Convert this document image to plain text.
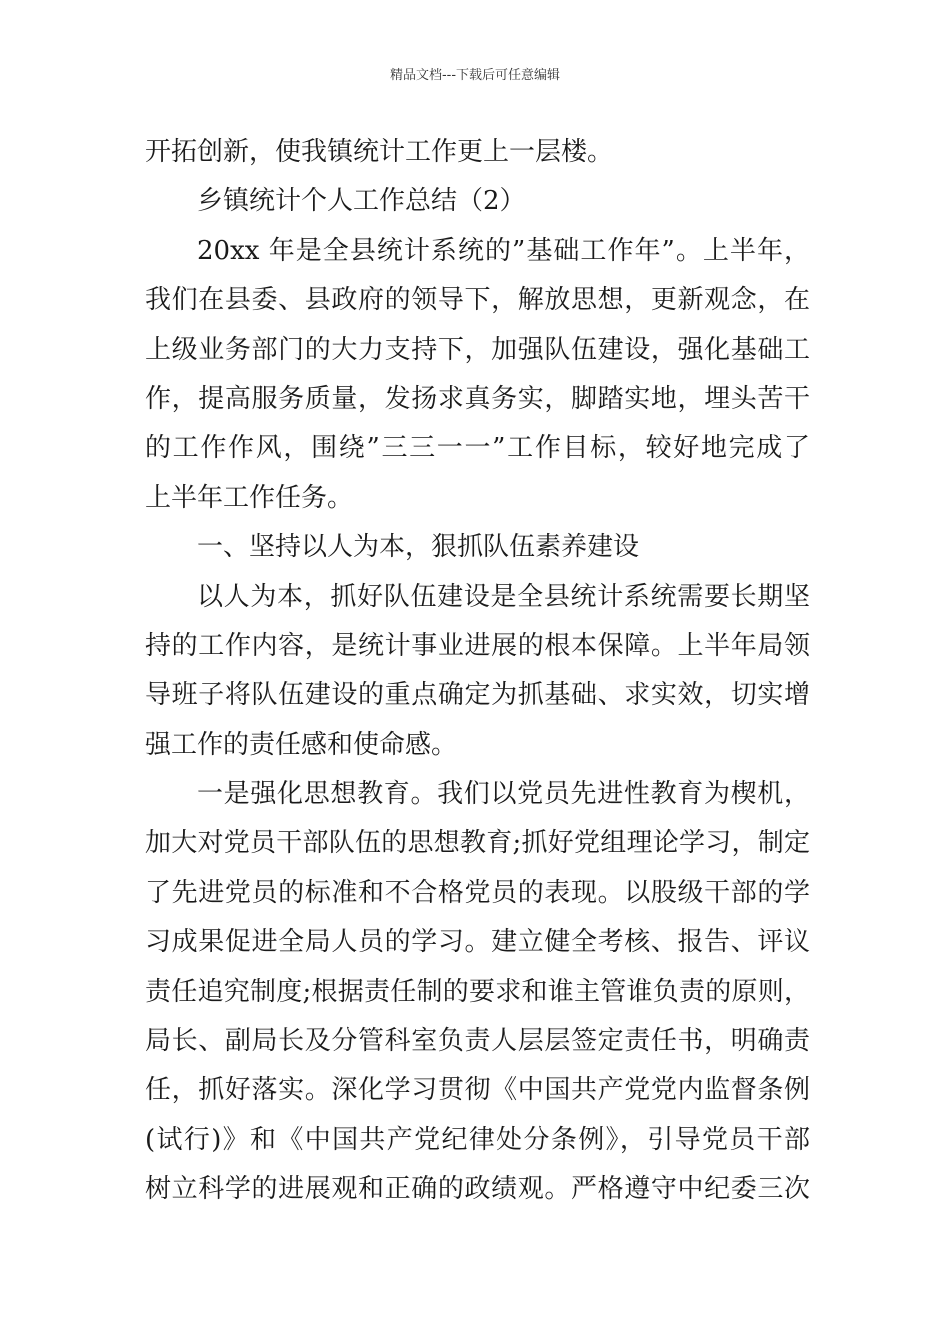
精品文档---下载后可任意编辑
开拓创新，使我镇统计工作更上一层楼。
乡镇统计个人工作总结（2）
20xx 年是全县统计系统的”基础工作年”。上半年，
我们在县委、县政府的领导下，解放思想，更新观念，在
上级业务部门的大力支持下，加强队伍建设，强化基础工
作，提高服务质量，发扬求真务实，脚踏实地，埋头苦干
的工作作风，围绕”三三一一”工作目标，较好地完成了
上半年工作任务。
一、坚持以人为本，狠抓队伍素养建设
以人为本，抓好队伍建设是全县统计系统需要长期坚
持的工作内容，是统计事业进展的根本保障。上半年局领
导班子将队伍建设的重点确定为抓基础、求实效，切实增
强工作的责任感和使命感。
一是强化思想教育。我们以党员先进性教育为楔机，
加大对党员干部队伍的思想教育;抓好党组理论学习，制定
了先进党员的标准和不合格党员的表现。以股级干部的学
习成果促进全局人员的学习。建立健全考核、报告、评议
责任追究制度;根据责任制的要求和谁主管谁负责的原则，
局长、副局长及分管科室负责人层层签定责任书，明确责
任，抓好落实。深化学习贯彻《中国共产党党内监督条例
(试行)》和《中国共产党纪律处分条例》，引导党员干部
树立科学的进展观和正确的政绩观。严格遵守中纪委三次
